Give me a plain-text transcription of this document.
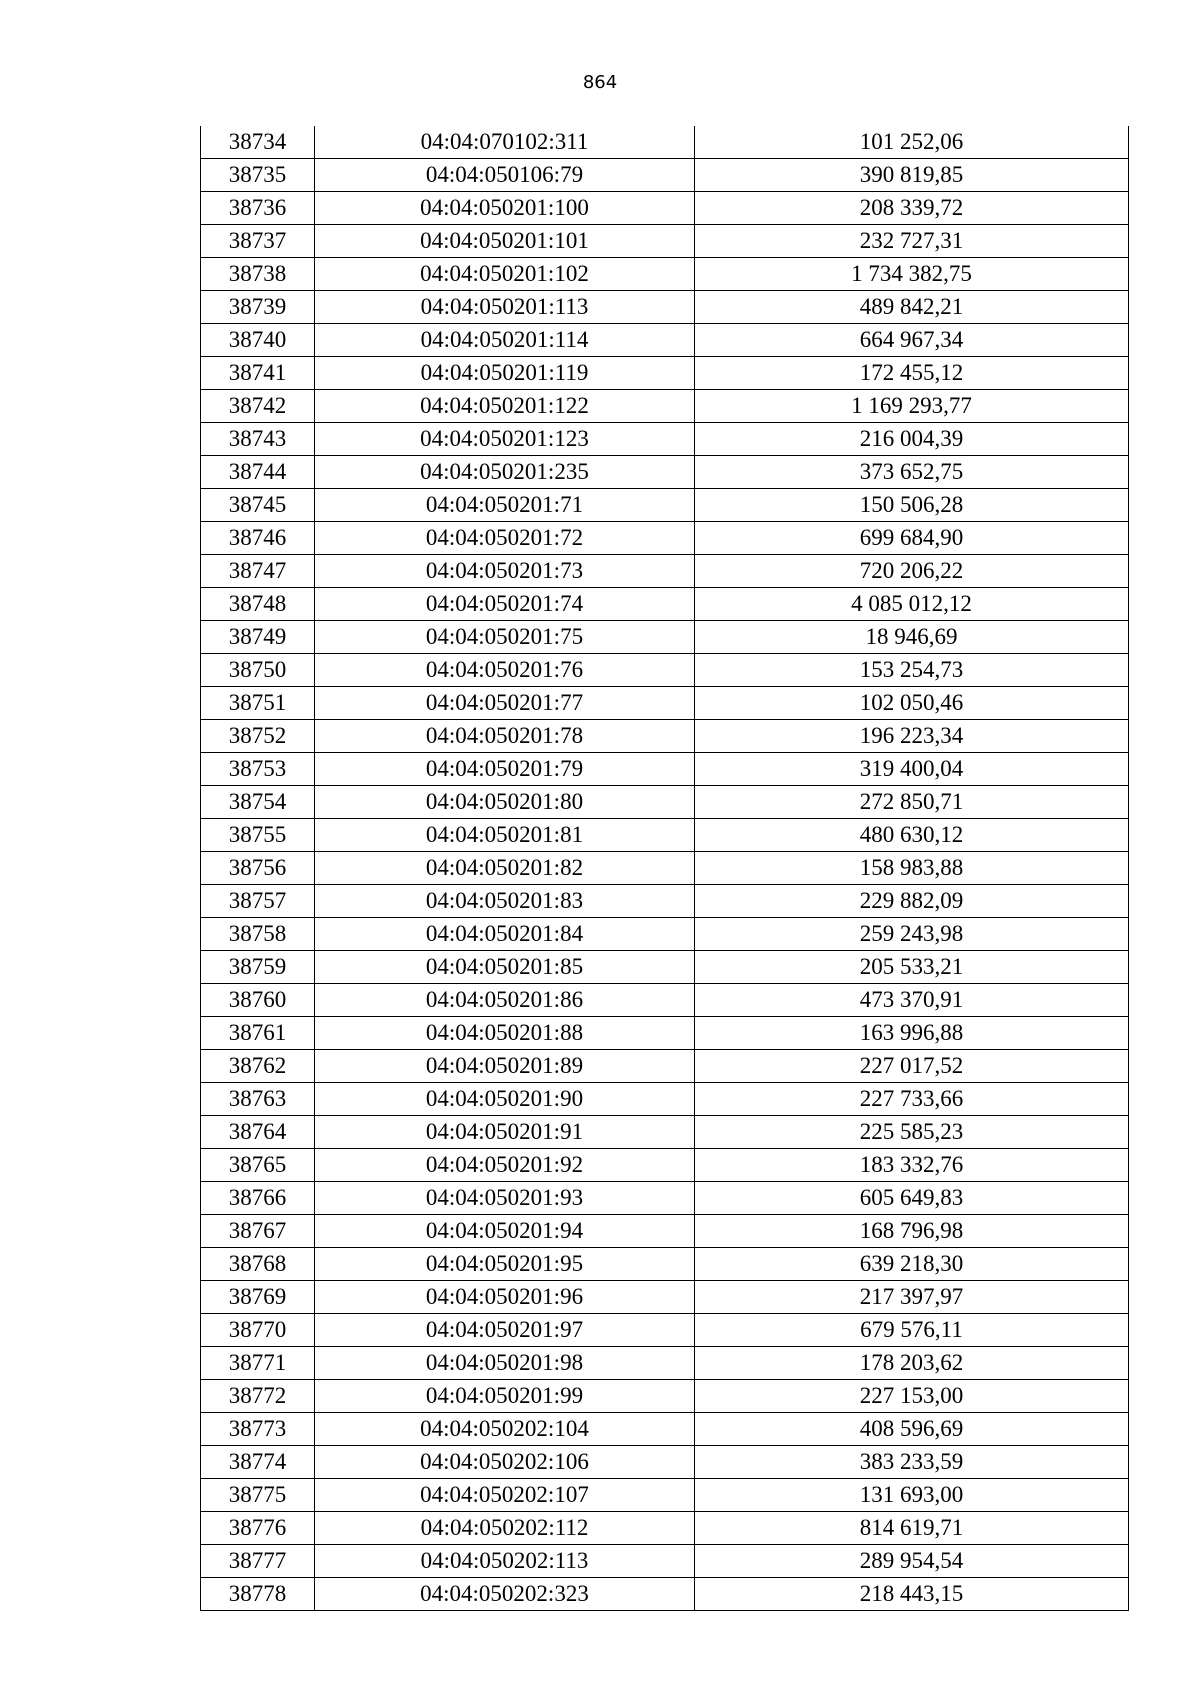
864
38734	04:04:070102:311	101 252,06
38735	04:04:050106:79	390 819,85
38736	04:04:050201:100	208 339,72
38737	04:04:050201:101	232 727,31
38738	04:04:050201:102	1 734 382,75
38739	04:04:050201:113	489 842,21
38740	04:04:050201:114	664 967,34
38741	04:04:050201:119	172 455,12
38742	04:04:050201:122	1 169 293,77
38743	04:04:050201:123	216 004,39
38744	04:04:050201:235	373 652,75
38745	04:04:050201:71	150 506,28
38746	04:04:050201:72	699 684,90
38747	04:04:050201:73	720 206,22
38748	04:04:050201:74	4 085 012,12
38749	04:04:050201:75	18 946,69
38750	04:04:050201:76	153 254,73
38751	04:04:050201:77	102 050,46
38752	04:04:050201:78	196 223,34
38753	04:04:050201:79	319 400,04
38754	04:04:050201:80	272 850,71
38755	04:04:050201:81	480 630,12
38756	04:04:050201:82	158 983,88
38757	04:04:050201:83	229 882,09
38758	04:04:050201:84	259 243,98
38759	04:04:050201:85	205 533,21
38760	04:04:050201:86	473 370,91
38761	04:04:050201:88	163 996,88
38762	04:04:050201:89	227 017,52
38763	04:04:050201:90	227 733,66
38764	04:04:050201:91	225 585,23
38765	04:04:050201:92	183 332,76
38766	04:04:050201:93	605 649,83
38767	04:04:050201:94	168 796,98
38768	04:04:050201:95	639 218,30
38769	04:04:050201:96	217 397,97
38770	04:04:050201:97	679 576,11
38771	04:04:050201:98	178 203,62
38772	04:04:050201:99	227 153,00
38773	04:04:050202:104	408 596,69
38774	04:04:050202:106	383 233,59
38775	04:04:050202:107	131 693,00
38776	04:04:050202:112	814 619,71
38777	04:04:050202:113	289 954,54
38778	04:04:050202:323	218 443,15
